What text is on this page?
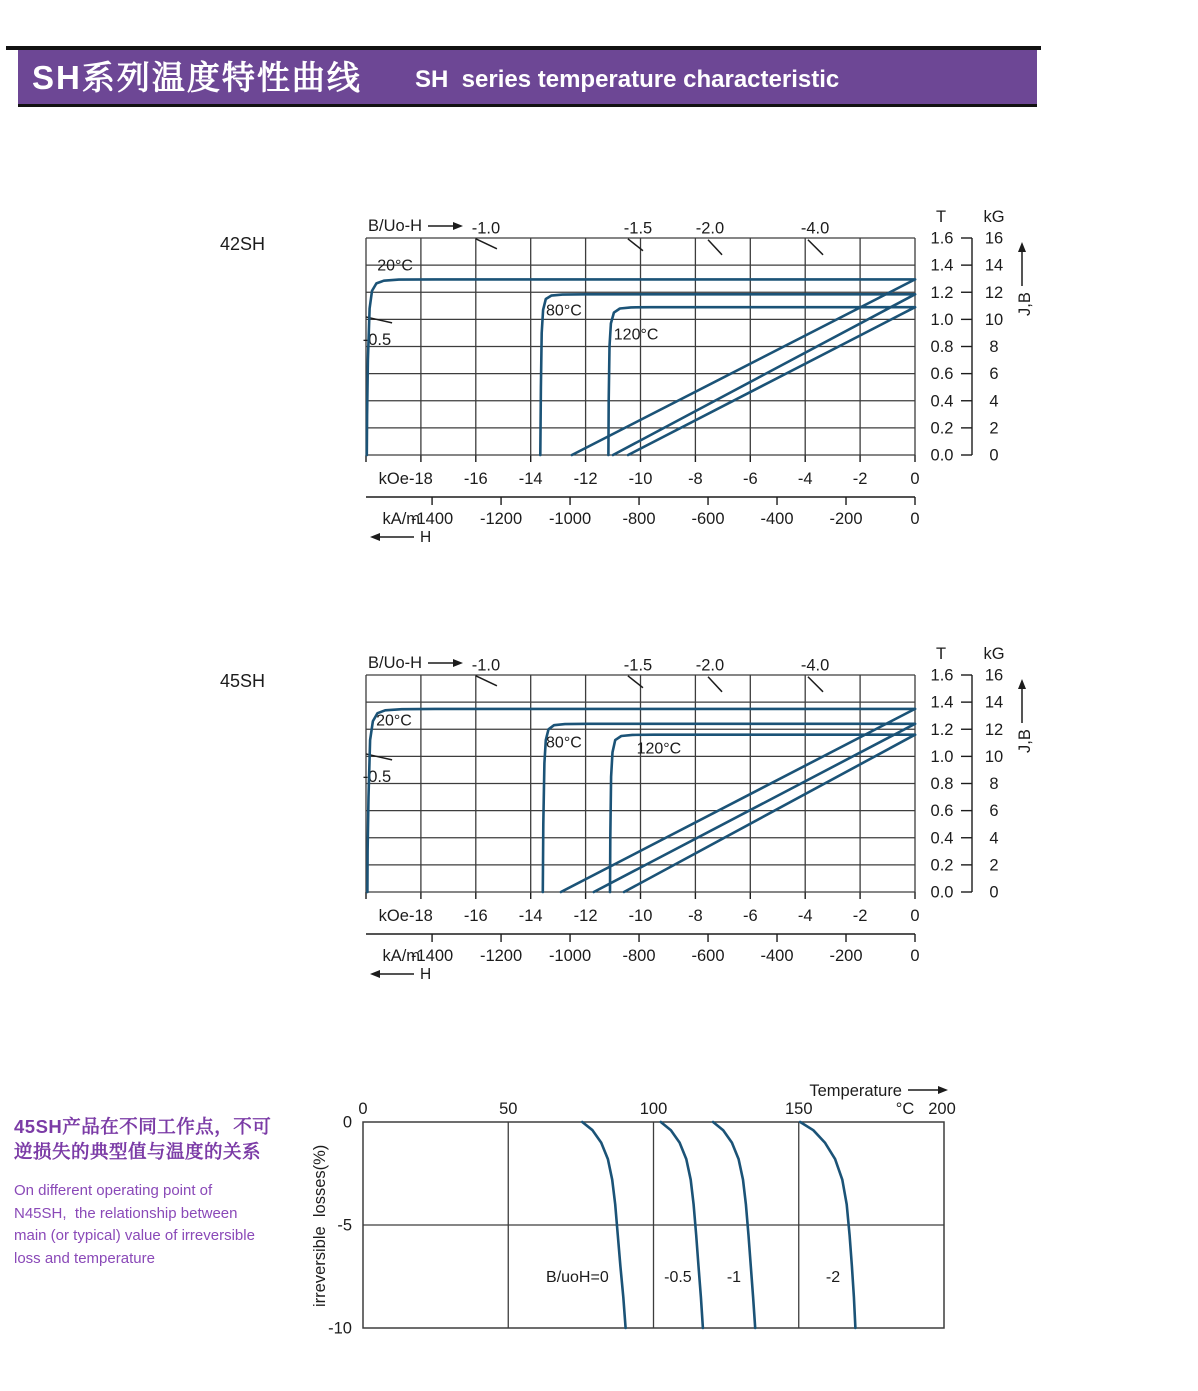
SH系列温度特性曲线 SH  series temperature characteristic
42SH
45SH

45SH产品在不同工作点，不可

逆损失的典型值与温度的关系

On different operating point of

N45SH,  the relationship between

main (or typical) value of irreversible

loss and temperature

-18 -16 -14 -12 -10 -8 -6 -4 -2	0
kOe
-1400 -1200 -1000 -800 -600 -400 -200	0
kA/m
H
B/Uo-H
-0.5
-1.0	-1.5	-2.0	-4.0
1.6
1.4
1.2
1.0
0.8
0.6
0.4
0.2
0.0
16
14
12
10
8
6
4
2
0
T kG
J,B
20°C
80°C
120°C
-18 -16 -14 -12 -10 -8 -6 -4 -2	0
kOe
-1400 -1200 -1000 -800 -600 -400 -200	0
kA/m
H
B/Uo-H
-0.5
-1.0	-1.5	-2.0	-4.0
1.6
1.4
1.2
1.0
0.8
0.6
0.4
0.2
0.0
16
14
12
10
8
6
4
2
0
T kG
J,B
20°C
80°C	120°C
0	50	100	150	200
°C
Temperature
0
-5
-10
irreversible  losses(%)	B/uoH=0	-0.5 -1	-2
